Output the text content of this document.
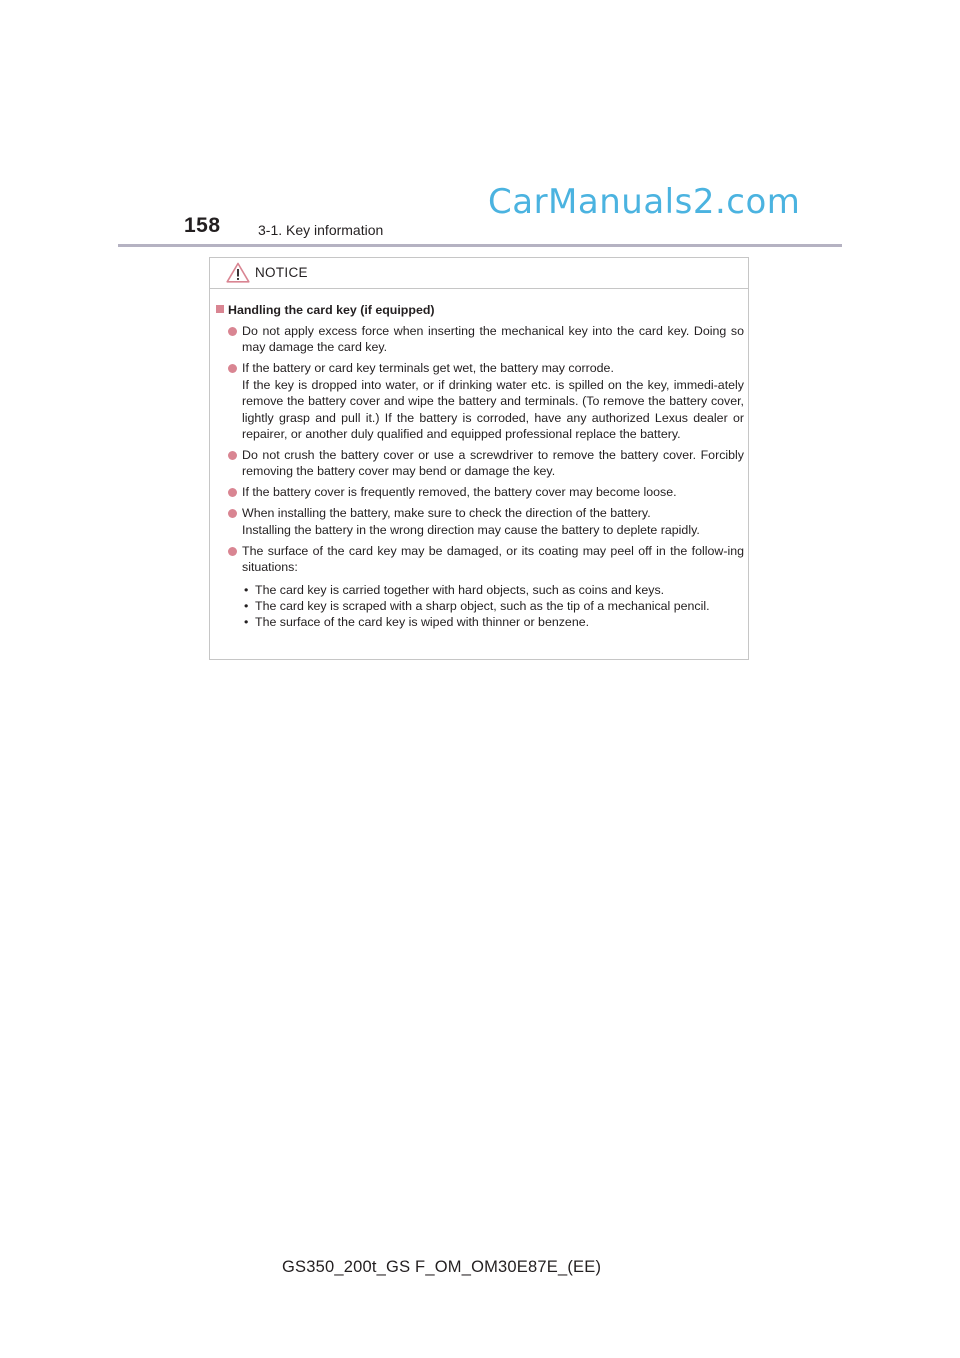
158	3-1. Key information
CarManuals2.com
NOTICE
Handling the card key (if equipped)

Do not apply excess force when inserting the mechanical key into the card key. Doing so may damage the card key.

If the battery or card key terminals get wet, the battery may corrode.

If the key is dropped into water, or if drinking water etc. is spilled on the key, immedi-ately remove the battery cover and wipe the battery and terminals. (To remove the battery cover, lightly grasp and pull it.) If the battery is corroded, have any authorized Lexus dealer or repairer, or another duly qualified and equipped professional replace the battery.

Do not crush the battery cover or use a screwdriver to remove the battery cover. Forcibly removing the battery cover may bend or damage the key.

If the battery cover is frequently removed, the battery cover may become loose.

When installing the battery, make sure to check the direction of the battery.

Installing the battery in the wrong direction may cause the battery to deplete rapidly.

The surface of the card key may be damaged, or its coating may peel off in the follow-ing situations:

• The card key is carried together with hard objects, such as coins and keys.
• The card key is scraped with a sharp object, such as the tip of a mechanical pencil.
• The surface of the card key is wiped with thinner or benzene.
GS350_200t_GS F_OM_OM30E87E_(EE)
